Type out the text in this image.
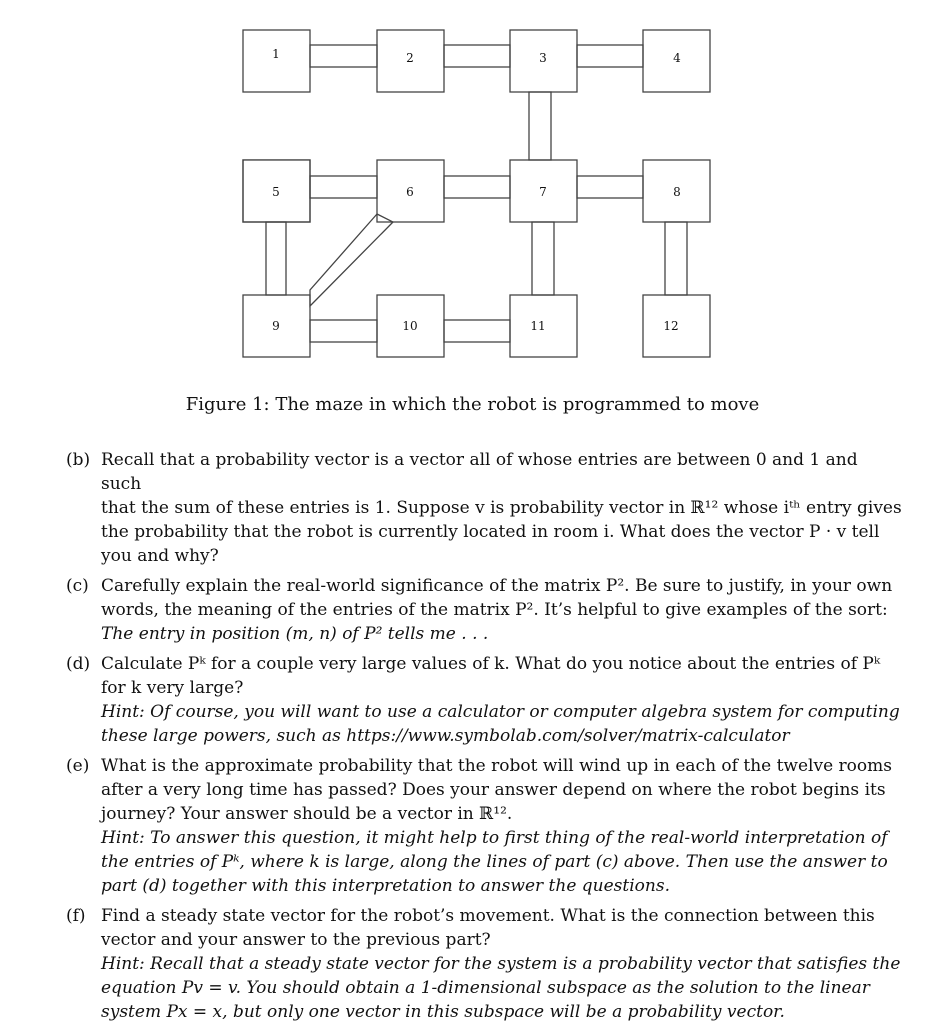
1	2	3	4
5	6	7	8
9	10	11	12
Figure 1: The maze in which the robot is programmed to move
(b) Recall that a probability vector is a vector all of whose entries are between 0 and 1 and such
that the sum of these entries is 1. Suppose v is probability vector in ℝ¹² whose iᵗʰ entry gives
the probability that the robot is currently located in room i. What does the vector P · v tell
you and why?
(c) Carefully explain the real-world significance of the matrix P². Be sure to justify, in your own
words, the meaning of the entries of the matrix P². It’s helpful to give examples of the sort:
The entry in position (m, n) of P² tells me . . .
(d) Calculate Pᵏ for a couple very large values of k. What do you notice about the entries of Pᵏ
for k very large?
Hint: Of course, you will want to use a calculator or computer algebra system for computing
these large powers, such as https://www.symbolab.com/solver/matrix-calculator
(e) What is the approximate probability that the robot will wind up in each of the twelve rooms
after a very long time has passed? Does your answer depend on where the robot begins its
journey? Your answer should be a vector in ℝ¹².
Hint: To answer this question, it might help to first thing of the real-world interpretation of
the entries of Pᵏ, where k is large, along the lines of part (c) above. Then use the answer to
part (d) together with this interpretation to answer the questions.
(f) Find a steady state vector for the robot’s movement. What is the connection between this
vector and your answer to the previous part?
Hint: Recall that a steady state vector for the system is a probability vector that satisfies the
equation Pv = v. You should obtain a 1-dimensional subspace as the solution to the linear
system Px = x, but only one vector in this subspace will be a probability vector.
